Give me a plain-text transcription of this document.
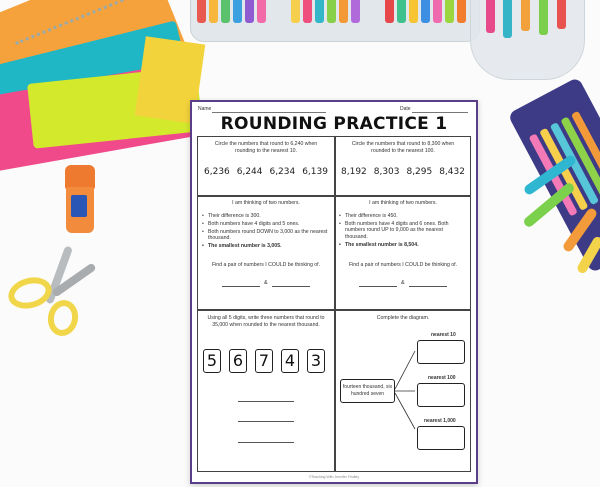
Name	Date
ROUNDING PRACTICE 1
Circle the numbers that round to 6,240 when rounding to the nearest 10.
6,236 6,244 6,234 6,139
Circle the numbers that round to 8,300 when rounded to the nearest 100.
8,192 8,303 8,295 8,432
I am thinking of two numbers.
• Their difference is 300.
• Both numbers have 4 digits and 5 ones.
• Both numbers round DOWN to 3,000 as the nearest thousand.
• The smallest number is 3,005.
Find a pair of numbers I COULD be thinking of.
&
I am thinking of two numbers.
• Their difference is 450.
• Both numbers have 4 digits and 6 ones. Both numbers round UP to 9,000 as the nearest thousand.
• The smallest number is 8,504.
Find a pair of numbers I COULD be thinking of.
&
Using all 5 digits, write three numbers that round to 35,000 when rounded to the nearest thousand.
5 6 7 4 3
Complete the diagram.
fourteen thousand, six hundred seven
nearest 10
nearest 100
nearest 1,000
©Teaching With Jennifer Findley
